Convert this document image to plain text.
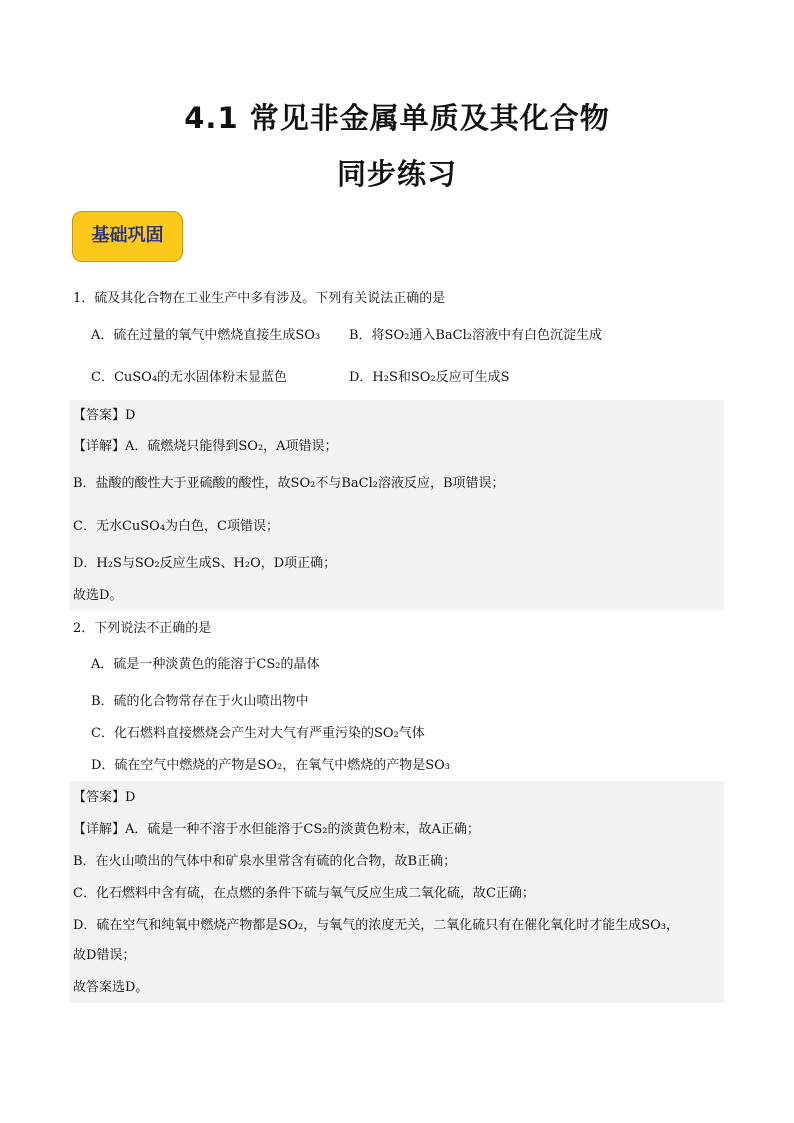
4.1 常见非金属单质及其化合物
同步练习
基础巩固
1．硫及其化合物在工业生产中多有涉及。下列有关说法正确的是
A．硫在过量的氧气中燃烧直接生成SO₃	B．将SO₂通入BaCl₂溶液中有白色沉淀生成
C．CuSO₄的无水固体粉末显蓝色	D．H₂S和SO₂反应可生成S
【答案】D
【详解】A．硫燃烧只能得到SO₂，A项错误；
B．盐酸的酸性大于亚硫酸的酸性，故SO₂不与BaCl₂溶液反应，B项错误；
C．无水CuSO₄为白色，C项错误；
D．H₂S与SO₂反应生成S、H₂O，D项正确；
故选D。
2．下列说法不正确的是
A．硫是一种淡黄色的能溶于CS₂的晶体
B．硫的化合物常存在于火山喷出物中
C．化石燃料直接燃烧会产生对大气有严重污染的SO₂气体
D．硫在空气中燃烧的产物是SO₂，在氧气中燃烧的产物是SO₃
【答案】D
【详解】A．硫是一种不溶于水但能溶于CS₂的淡黄色粉末，故A正确；
B．在火山喷出的气体中和矿泉水里常含有硫的化合物，故B正确；
C．化石燃料中含有硫，在点燃的条件下硫与氧气反应生成二氧化硫，故C正确；
D．硫在空气和纯氧中燃烧产物都是SO₂，与氧气的浓度无关，二氧化硫只有在催化氧化时才能生成SO₃，
故D错误；
故答案选D。
